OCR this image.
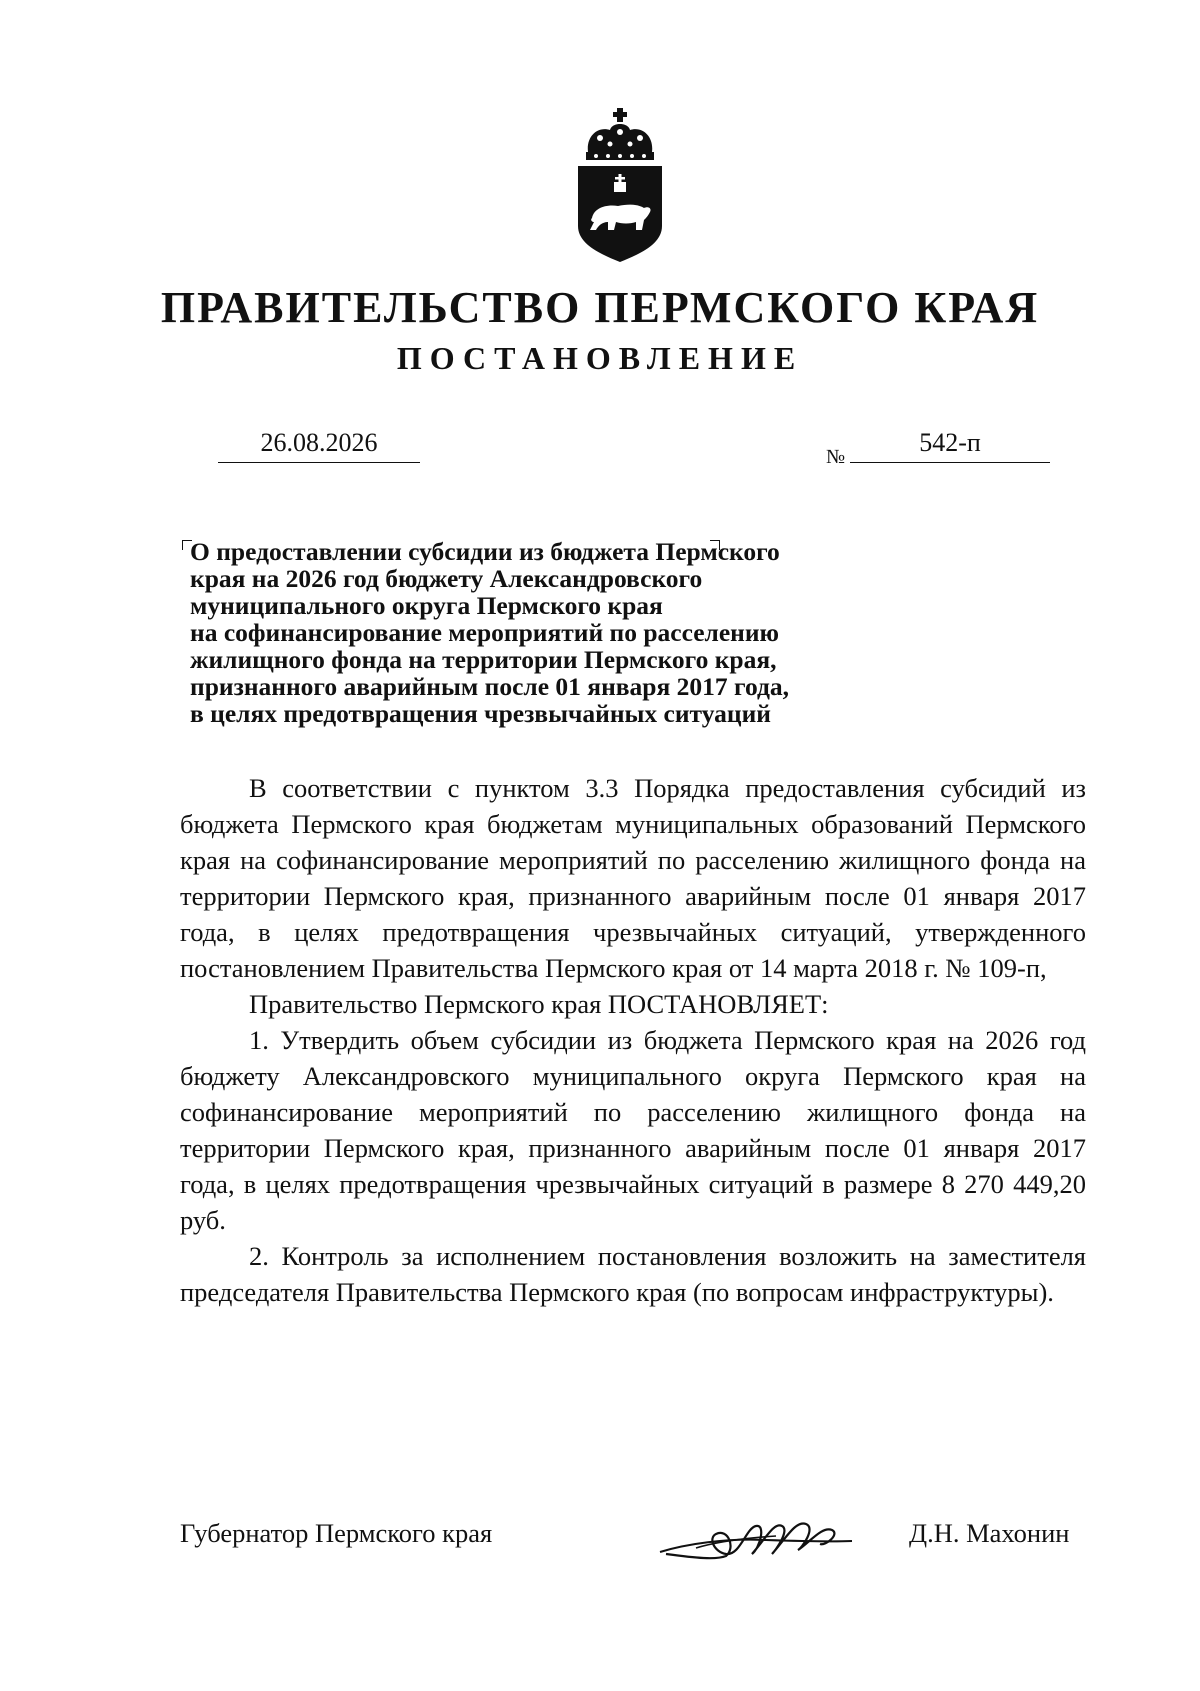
ПРАВИТЕЛЬСТВО ПЕРМСКОГО КРАЯ
ПОСТАНОВЛЕНИЕ
26.08.2026	№	542-п
О предоставлении субсидии из бюджета Пермского
края на 2026 год бюджету Александровского
муниципального округа Пермского края
на софинансирование мероприятий по расселению
жилищного фонда на территории Пермского края,
признанного аварийным после 01 января 2017 года,
в целях предотвращения чрезвычайных ситуаций

В соответствии с пунктом 3.3 Порядка предоставления субсидий из бюджета Пермского края бюджетам муниципальных образований Пермского края на софинансирование мероприятий по расселению жилищного фонда на территории Пермского края, признанного аварийным после 01 января 2017 года, в целях предотвращения чрезвычайных ситуаций, утвержденного постановлением Правительства Пермского края от 14 марта 2018 г. № 109-п,

Правительство Пермского края ПОСТАНОВЛЯЕТ:

1. Утвердить объем субсидии из бюджета Пермского края на 2026 год бюджету Александровского муниципального округа Пермского края на софинансирование мероприятий по расселению жилищного фонда на территории Пермского края, признанного аварийным после 01 января 2017 года, в целях предотвращения чрезвычайных ситуаций в размере 8 270 449,20 руб.

2. Контроль за исполнением постановления возложить на заместителя председателя Правительства Пермского края (по вопросам инфраструктуры).

Губернатор Пермского края	Д.Н. Махонин
